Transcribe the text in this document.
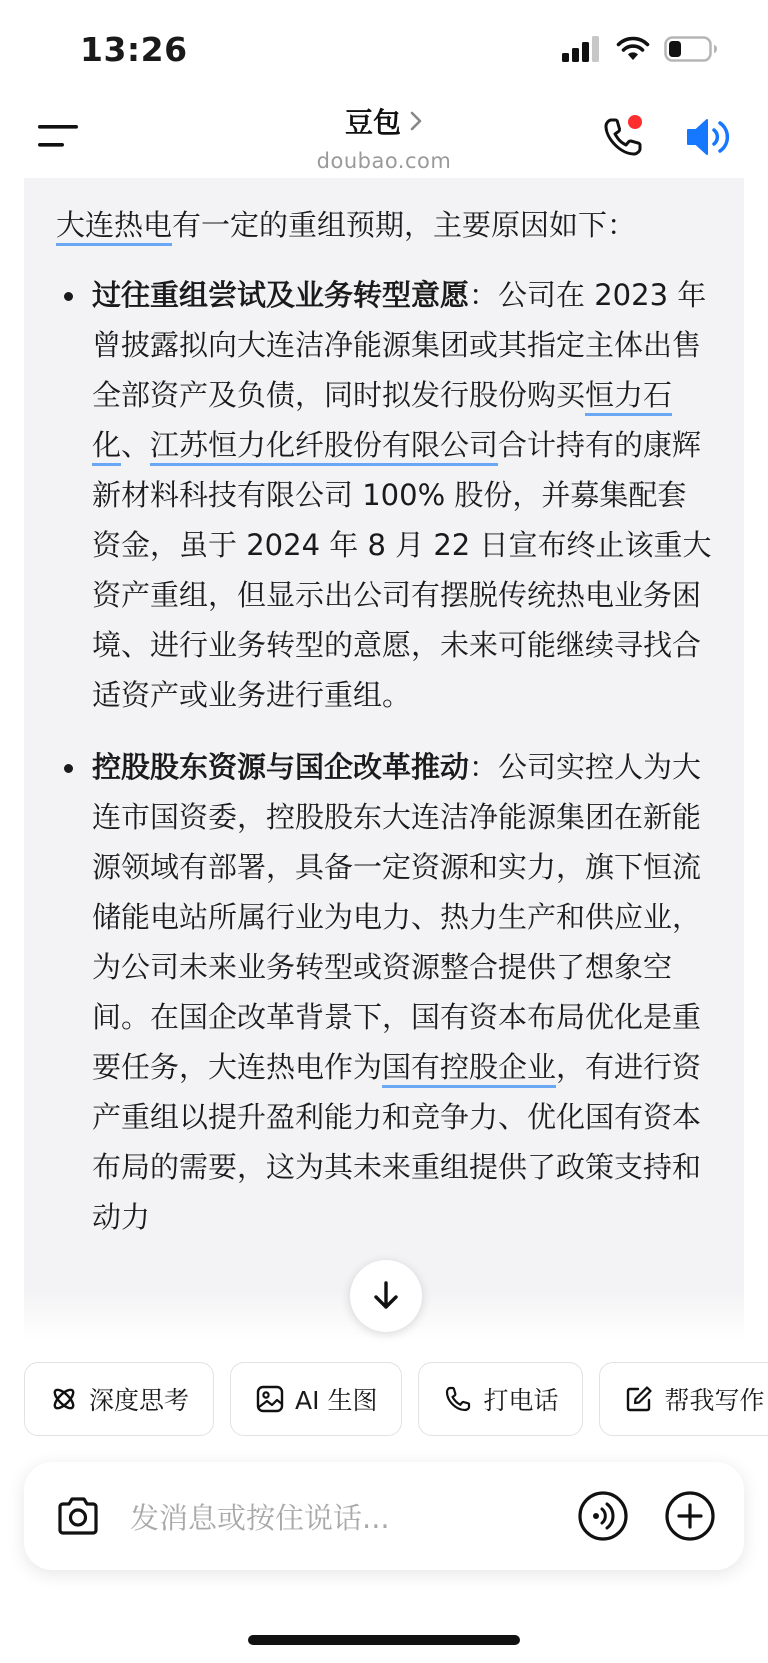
13:26
豆包
doubao.com

大连热电有一定的重组预期，主要原因如下：

过往重组尝试及业务转型意愿：公司在 2023 年曾披露拟向大连洁净能源集团或其指定主体出售全部资产及负债，同时拟发行股份购买恒力石化、江苏恒力化纤股份有限公司合计持有的康辉新材料科技有限公司 100% 股份，并募集配套资金，虽于 2024 年 8 月 22 日宣布终止该重大资产重组，但显示出公司有摆脱传统热电业务困境、进行业务转型的意愿，未来可能继续寻找合适资产或业务进行重组。
控股股东资源与国企改革推动：公司实控人为大连市国资委，控股股东大连洁净能源集团在新能源领域有部署，具备一定资源和实力，旗下恒流储能电站所属行业为电力、热力生产和供应业，为公司未来业务转型或资源整合提供了想象空间。在国企改革背景下，国有资本布局优化是重要任务，大连热电作为国有控股企业，有进行资产重组以提升盈利能力和竞争力、优化国有资本布局的需要，这为其未来重组提供了政策支持和动力
深度思考	AI 生图	打电话	帮我写作
发消息或按住说话...
